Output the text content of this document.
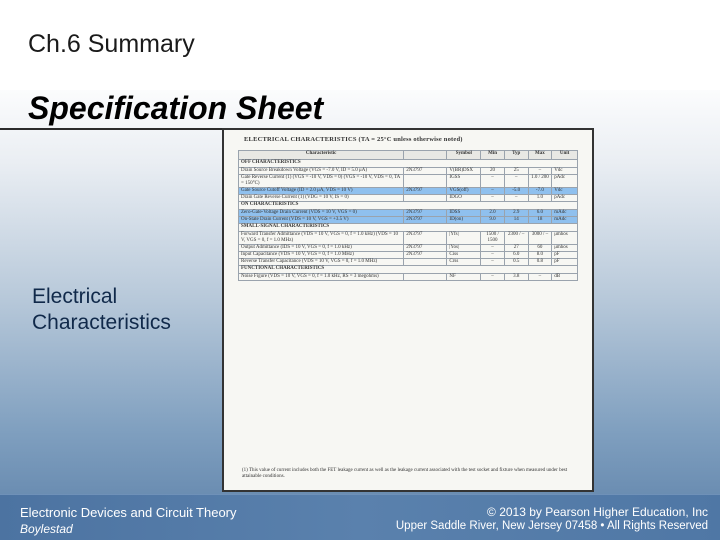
Ch.6 Summary
Specification Sheet
Electrical
Characteristics
ELECTRICAL CHARACTERISTICS (TA = 25°C unless otherwise noted)
Characteristic		Symbol	Min	Typ	Max	Unit
OFF CHARACTERISTICS						
Drain Source Breakdown Voltage (VGS = -7.0 V, ID = 5.0 μA)	2N3797	V(BR)DSX	20	25	–	Vdc
Gate Reverse Current (1) (VGS = -10 V, VDS = 0) (VGS = -10 V, VDS = 0, TA = 150°C)		IGSS	–	–	1.0 / 200	pAdc
Gate Source Cutoff Voltage (ID = 2.0 μA, VDS = 10 V)	2N3797	VGS(off)	–	-5.0	-7.0	Vdc
Drain Gate Reverse Current (1) (VDG = 10 V, IS = 0)		IDGO	–	–	1.0	pAdc
ON CHARACTERISTICS						
Zero-Gate-Voltage Drain Current (VDS = 10 V, VGS = 0)	2N3797	IDSS	2.0	2.9	6.0	mAdc
On-State Drain Current (VDS = 10 V, VGS = +3.5 V)	2N3797	ID(on)	9.0	14	18	mAdc
SMALL-SIGNAL CHARACTERISTICS						
Forward Transfer Admittance (VDS = 10 V, VGS = 0, f = 1.0 kHz) (VDS = 10 V, VGS = 0, f = 1.0 MHz)	2N3797	|Yfs|	1500 / 1500	2300 / –	3000 / –	μmhos
Output Admittance (IDS = 10 V, VGS = 0, f = 1.0 kHz)	2N3797	|Yos|	–	27	60	μmhos
Input Capacitance (VDS = 10 V, VGS = 0, f = 1.0 MHz)	2N3797	Ciss	–	6.0	8.0	pF
Reverse Transfer Capacitance (VDS = 10 V, VGS = 0, f = 1.0 MHz)		Crss	–	0.5	0.8	pF
FUNCTIONAL CHARACTERISTICS						
Noise Figure (VDS = 10 V, VGS = 0, f = 1.0 kHz, RS = 3 megohms)		NF	–	3.8	–	dB
(1) This value of current includes both the FET leakage current as well as the leakage current associated with the test socket and fixture when measured under best attainable conditions.
Electronic Devices and Circuit Theory
Boylestad
© 2013 by Pearson Higher Education, Inc
Upper Saddle River, New Jersey 07458 • All Rights Reserved
